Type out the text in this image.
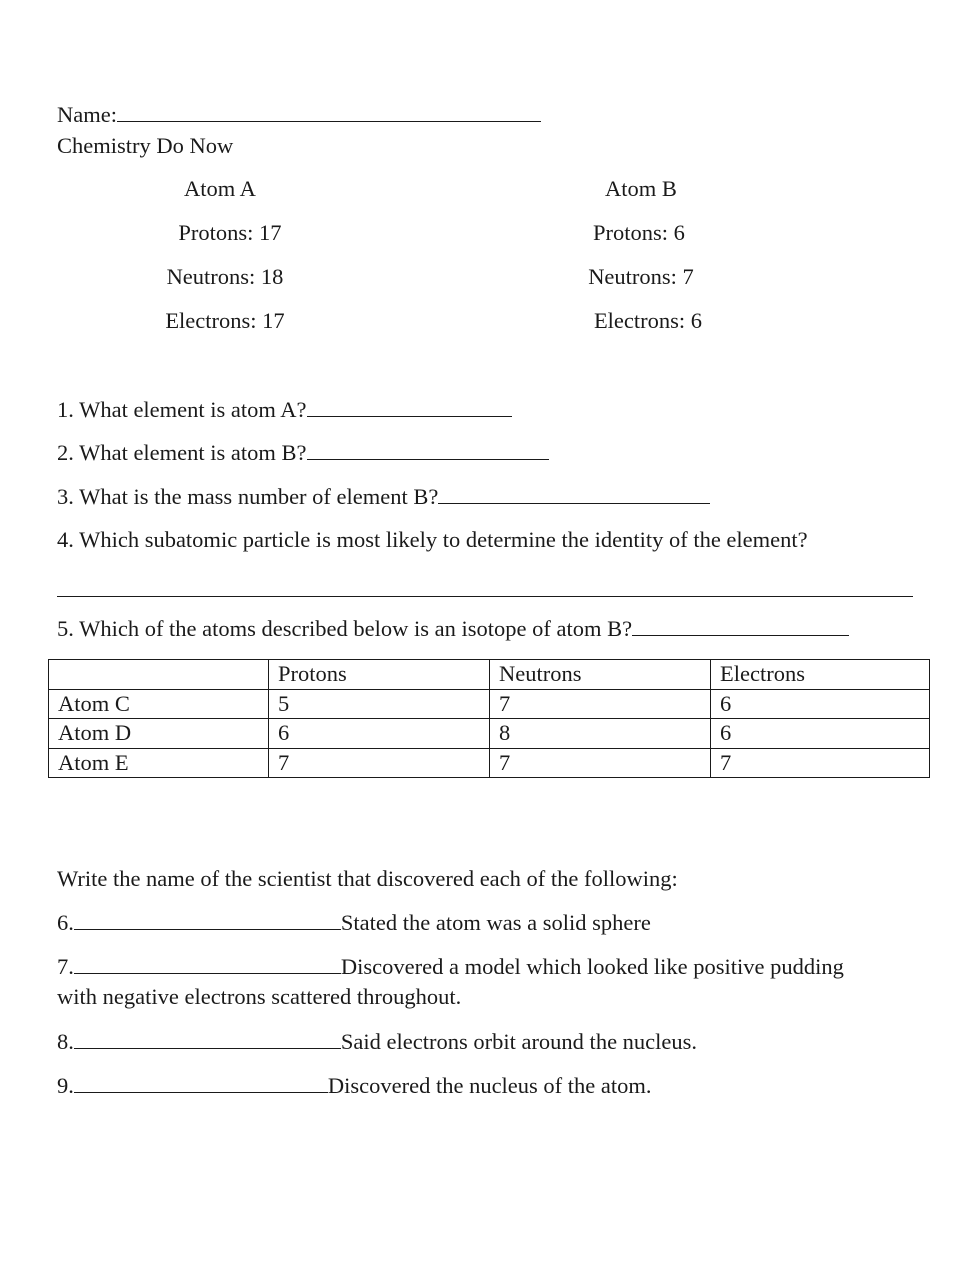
Name:
Chemistry Do Now
Atom A
Protons: 17
Neutrons: 18
Electrons: 17
Atom B
Protons: 6
Neutrons: 7
Electrons: 6
1. What element is atom A?
2. What element is atom B?
3. What is the mass number of element B?
4. Which subatomic particle is most likely to determine the identity of the element?
5. Which of the atoms described below is an isotope of atom B?
	Protons	Neutrons	Electrons
Atom C	5	7	6
Atom D	6	8	6
Atom E	7	7	7
Write the name of the scientist that discovered each of the following:
6.	Stated the atom was a solid sphere
7.	Discovered a model which looked like positive pudding
with negative electrons scattered throughout.
8.	Said electrons orbit around the nucleus.
9.	Discovered the nucleus of the atom.
